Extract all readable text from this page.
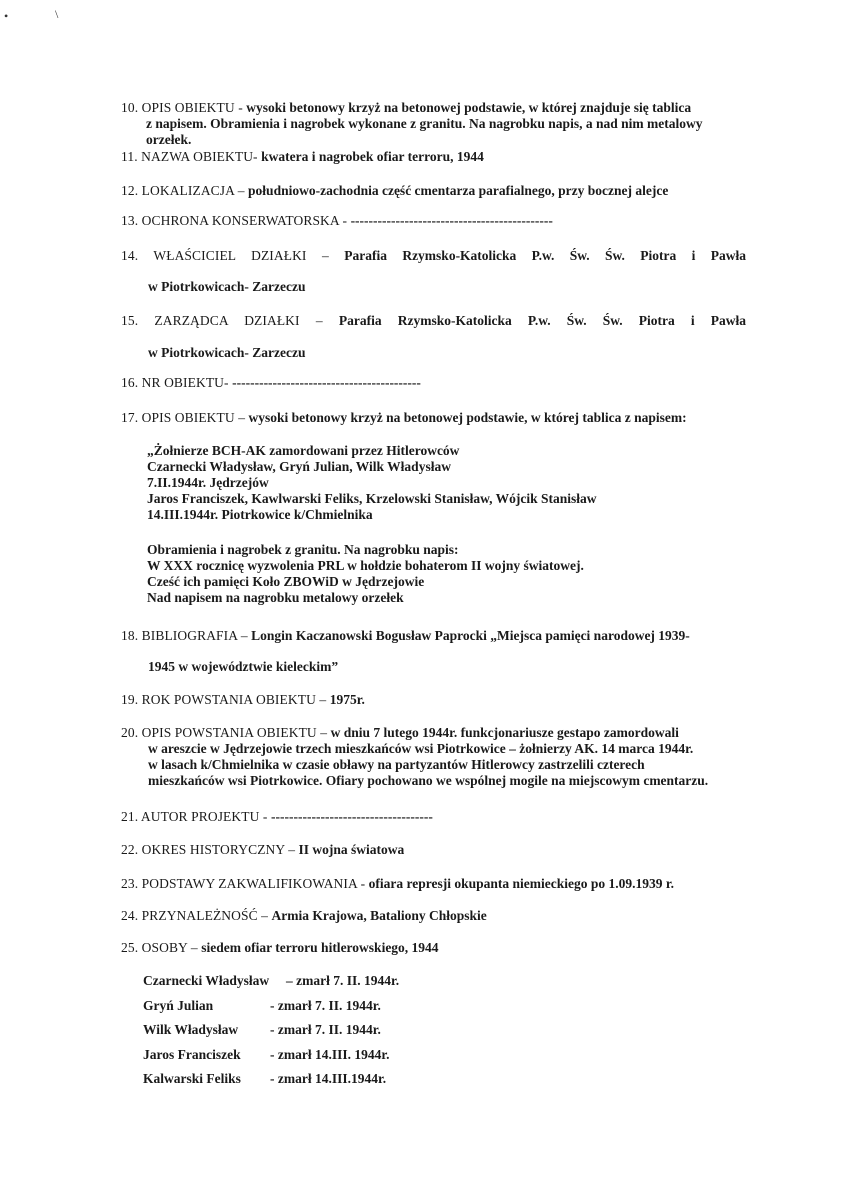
•	\
10. OPIS OBIEKTU - wysoki betonowy krzyż na betonowej podstawie, w której znajduje się tablica
z napisem. Obramienia i nagrobek wykonane z granitu. Na nagrobku napis, a nad nim metalowy
orzełek.
11. NAZWA OBIEKTU- kwatera i nagrobek ofiar terroru, 1944
12. LOKALIZACJA – południowo-zachodnia część cmentarza parafialnego, przy bocznej alejce
13. OCHRONA KONSERWATORSKA - ---------------------------------------------
14. WŁAŚCICIEL DZIAŁKI – Parafia Rzymsko-Katolicka P.w. Św. Św. Piotra i Pawła
w Piotrkowicach- Zarzeczu
15. ZARZĄDCA DZIAŁKI – Parafia Rzymsko-Katolicka P.w. Św. Św. Piotra i Pawła
w Piotrkowicach- Zarzeczu
16. NR OBIEKTU- ------------------------------------------
17. OPIS OBIEKTU – wysoki betonowy krzyż na betonowej podstawie, w której tablica z napisem:
„Żołnierze BCH-AK zamordowani przez Hitlerowców
Czarnecki Władysław, Gryń Julian, Wilk Władysław
7.II.1944r. Jędrzejów
Jaros Franciszek, Kawlwarski Feliks, Krzelowski Stanisław, Wójcik Stanisław
14.III.1944r. Piotrkowice k/Chmielnika
Obramienia i nagrobek z granitu. Na nagrobku napis:
W XXX rocznicę wyzwolenia PRL w hołdzie bohaterom II wojny światowej.
Cześć ich pamięci Koło ZBOWiD w Jędrzejowie
Nad napisem na nagrobku metalowy orzełek
18. BIBLIOGRAFIA – Longin Kaczanowski Bogusław Paprocki „Miejsca pamięci narodowej 1939-
1945 w województwie kieleckim”
19. ROK POWSTANIA OBIEKTU – 1975r.
20. OPIS POWSTANIA OBIEKTU – w dniu 7 lutego 1944r. funkcjonariusze gestapo zamordowali
w areszcie w Jędrzejowie trzech mieszkańców wsi Piotrkowice – żołnierzy AK. 14 marca 1944r.
w lasach k/Chmielnika w czasie obławy na partyzantów Hitlerowcy zastrzelili czterech
mieszkańców wsi Piotrkowice. Ofiary pochowano we wspólnej mogile na miejscowym cmentarzu.
21. AUTOR PROJEKTU - ------------------------------------
22. OKRES HISTORYCZNY – II wojna światowa
23. PODSTAWY ZAKWALIFIKOWANIA - ofiara represji okupanta niemieckiego po 1.09.1939 r.
24. PRZYNALEŻNOŚĆ – Armia Krajowa, Bataliony Chłopskie
25. OSOBY – siedem ofiar terroru hitlerowskiego, 1944
Czarnecki Władysław – zmarł 7. II. 1944r.
Gryń Julian	- zmarł 7. II. 1944r.
Wilk Władysław - zmarł 7. II. 1944r.
Jaros Franciszek - zmarł 14.III. 1944r.
Kalwarski Feliks - zmarł 14.III.1944r.
